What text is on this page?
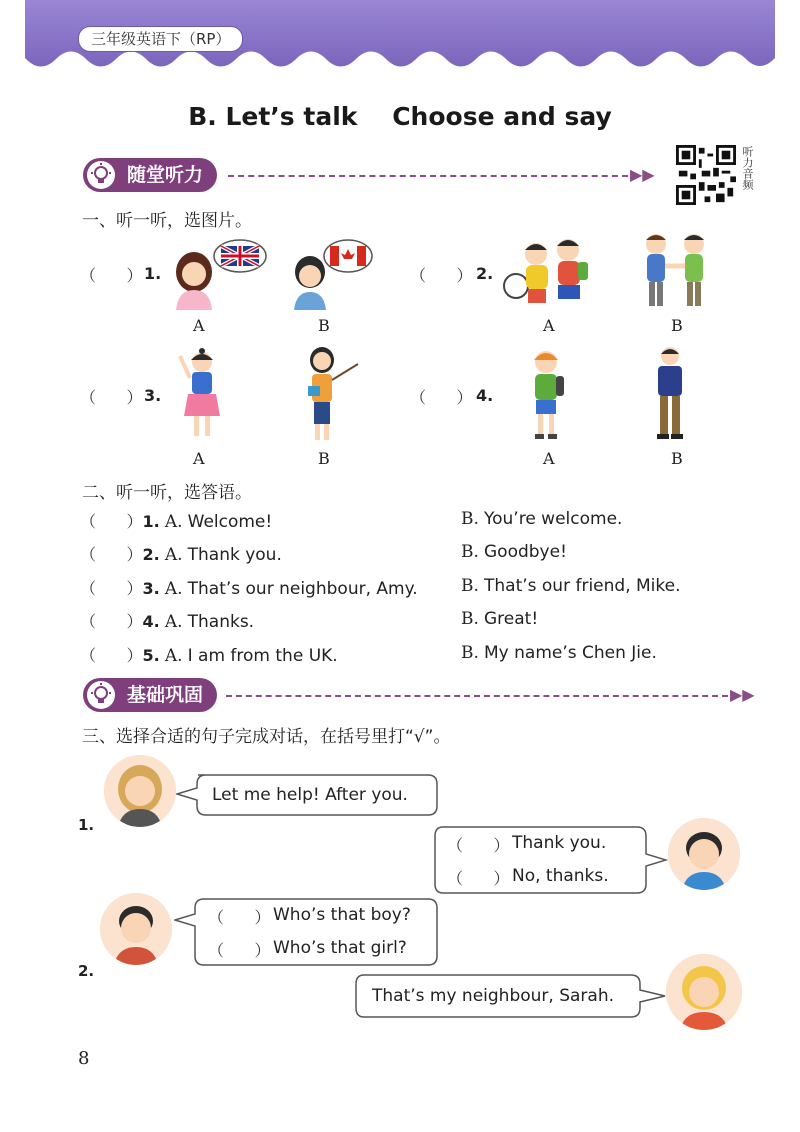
三年级英语下（RP）
B. Let’s talk    Choose and say
随堂听力	▶▶	听力音频
一、听一听，选图片。
（      ） 1.
A	B
（      ） 2.
A	B
（      ） 3.
A	B
（      ） 4.
A	B
二、听一听，选答语。
（      ）1. A. Welcome!	B. You’re welcome.
（      ）2. A. Thank you.	B. Goodbye!
（      ）3. A. That’s our neighbour, Amy.	B. That’s our friend, Mike.
（      ）4. A. Thanks.	B. Great!
（      ）5. A. I am from the UK.	B. My name’s Chen Jie.
基础巩固	▶▶
三、选择合适的句子完成对话，在括号里打“√”。
1.
Let me help! After you.
（      ） Thank you.
（      ） No, thanks.
2.
（      ） Who’s that boy?
（      ） Who’s that girl?
That’s my neighbour, Sarah.
8
